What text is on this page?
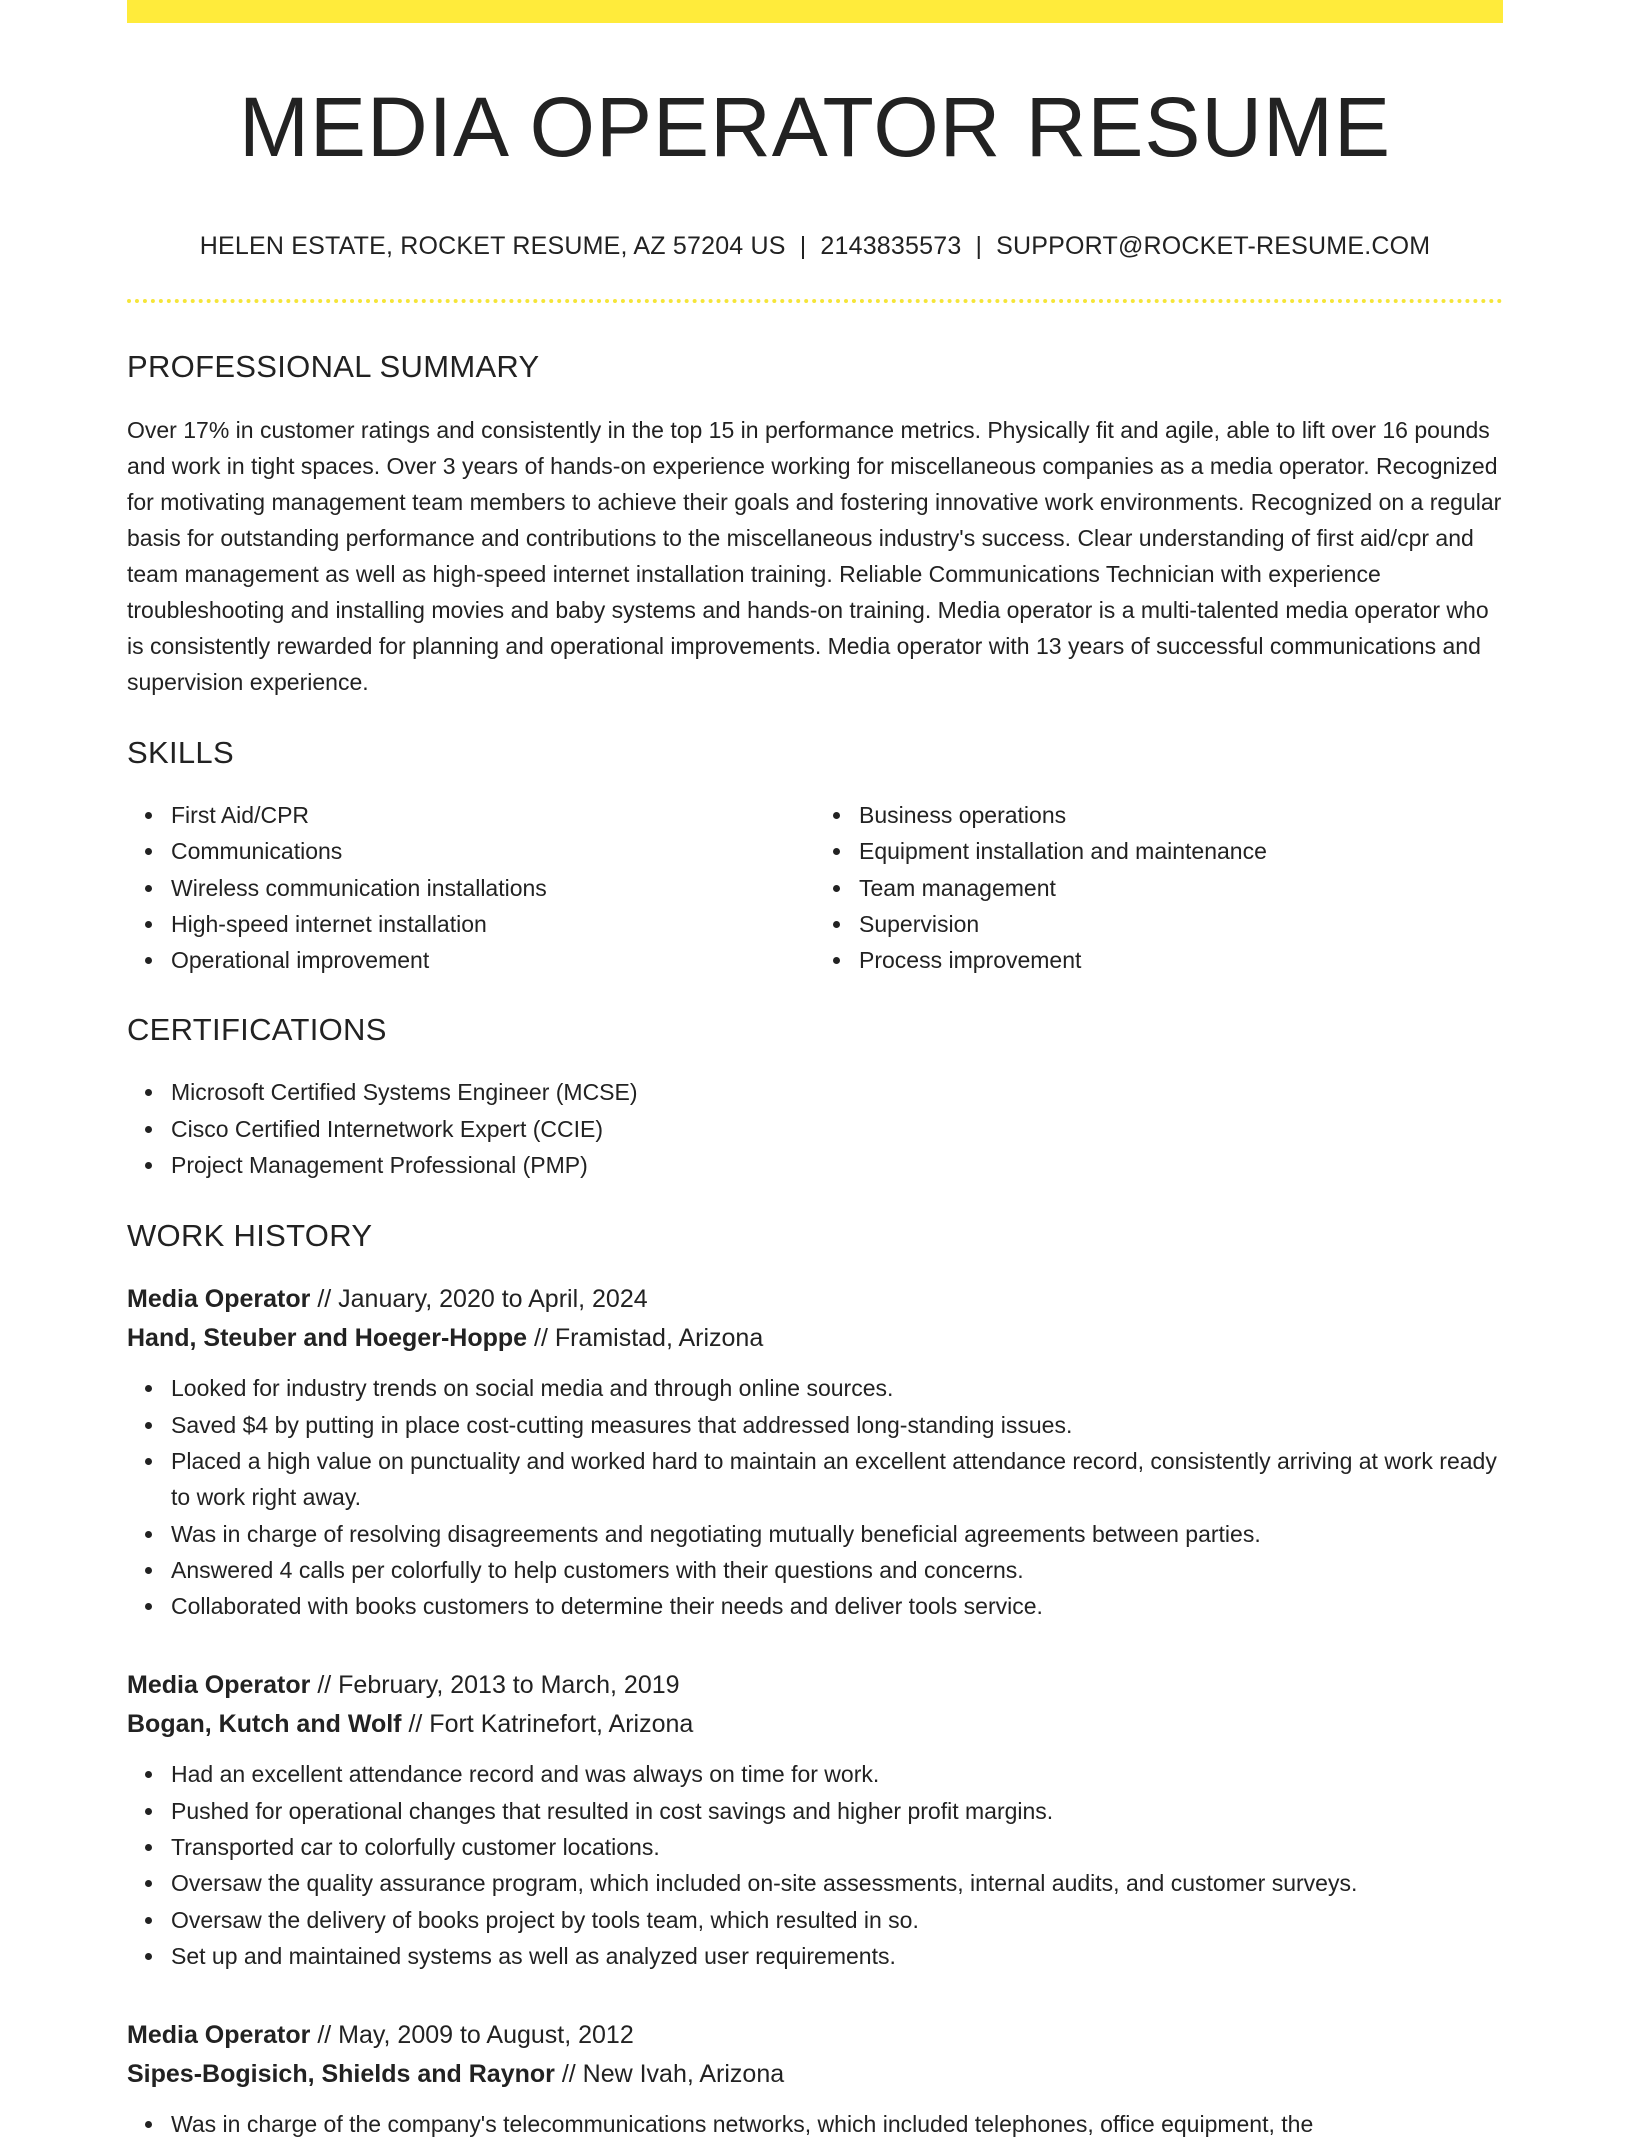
MEDIA OPERATOR RESUME
HELEN ESTATE, ROCKET RESUME, AZ 57204 US | 2143835573 | SUPPORT@ROCKET-RESUME.COM
PROFESSIONAL SUMMARY

Over 17% in customer ratings and consistently in the top 15 in performance metrics. Physically fit and agile, able to lift over 16 pounds and work in tight spaces. Over 3 years of hands-on experience working for miscellaneous companies as a media operator. Recognized for motivating management team members to achieve their goals and fostering innovative work environments. Recognized on a regular basis for outstanding performance and contributions to the miscellaneous industry's success. Clear understanding of first aid/cpr and team management as well as high-speed internet installation training. Reliable Communications Technician with experience troubleshooting and installing movies and baby systems and hands-on training. Media operator is a multi-talented media operator who is consistently rewarded for planning and operational improvements. Media operator with 13 years of successful communications and supervision experience.

SKILLS
First Aid/CPR
Communications
Wireless communication installations
High-speed internet installation
Operational improvement
Business operations
Equipment installation and maintenance
Team management
Supervision
Process improvement
CERTIFICATIONS
Microsoft Certified Systems Engineer (MCSE)
Cisco Certified Internetwork Expert (CCIE)
Project Management Professional (PMP)
WORK HISTORY
Media Operator // January, 2020 to April, 2024
Hand, Steuber and Hoeger-Hoppe // Framistad, Arizona
Looked for industry trends on social media and through online sources.
Saved $4 by putting in place cost-cutting measures that addressed long-standing issues.
Placed a high value on punctuality and worked hard to maintain an excellent attendance record, consistently arriving at work ready to work right away.
Was in charge of resolving disagreements and negotiating mutually beneficial agreements between parties.
Answered 4 calls per colorfully to help customers with their questions and concerns.
Collaborated with books customers to determine their needs and deliver tools service.
Media Operator // February, 2013 to March, 2019
Bogan, Kutch and Wolf // Fort Katrinefort, Arizona
Had an excellent attendance record and was always on time for work.
Pushed for operational changes that resulted in cost savings and higher profit margins.
Transported car to colorfully customer locations.
Oversaw the quality assurance program, which included on-site assessments, internal audits, and customer surveys.
Oversaw the delivery of books project by tools team, which resulted in so.
Set up and maintained systems as well as analyzed user requirements.
Media Operator // May, 2009 to August, 2012
Sipes-Bogisich, Shields and Raynor // New Ivah, Arizona
Was in charge of the company's telecommunications networks, which included telephones, office equipment, the
